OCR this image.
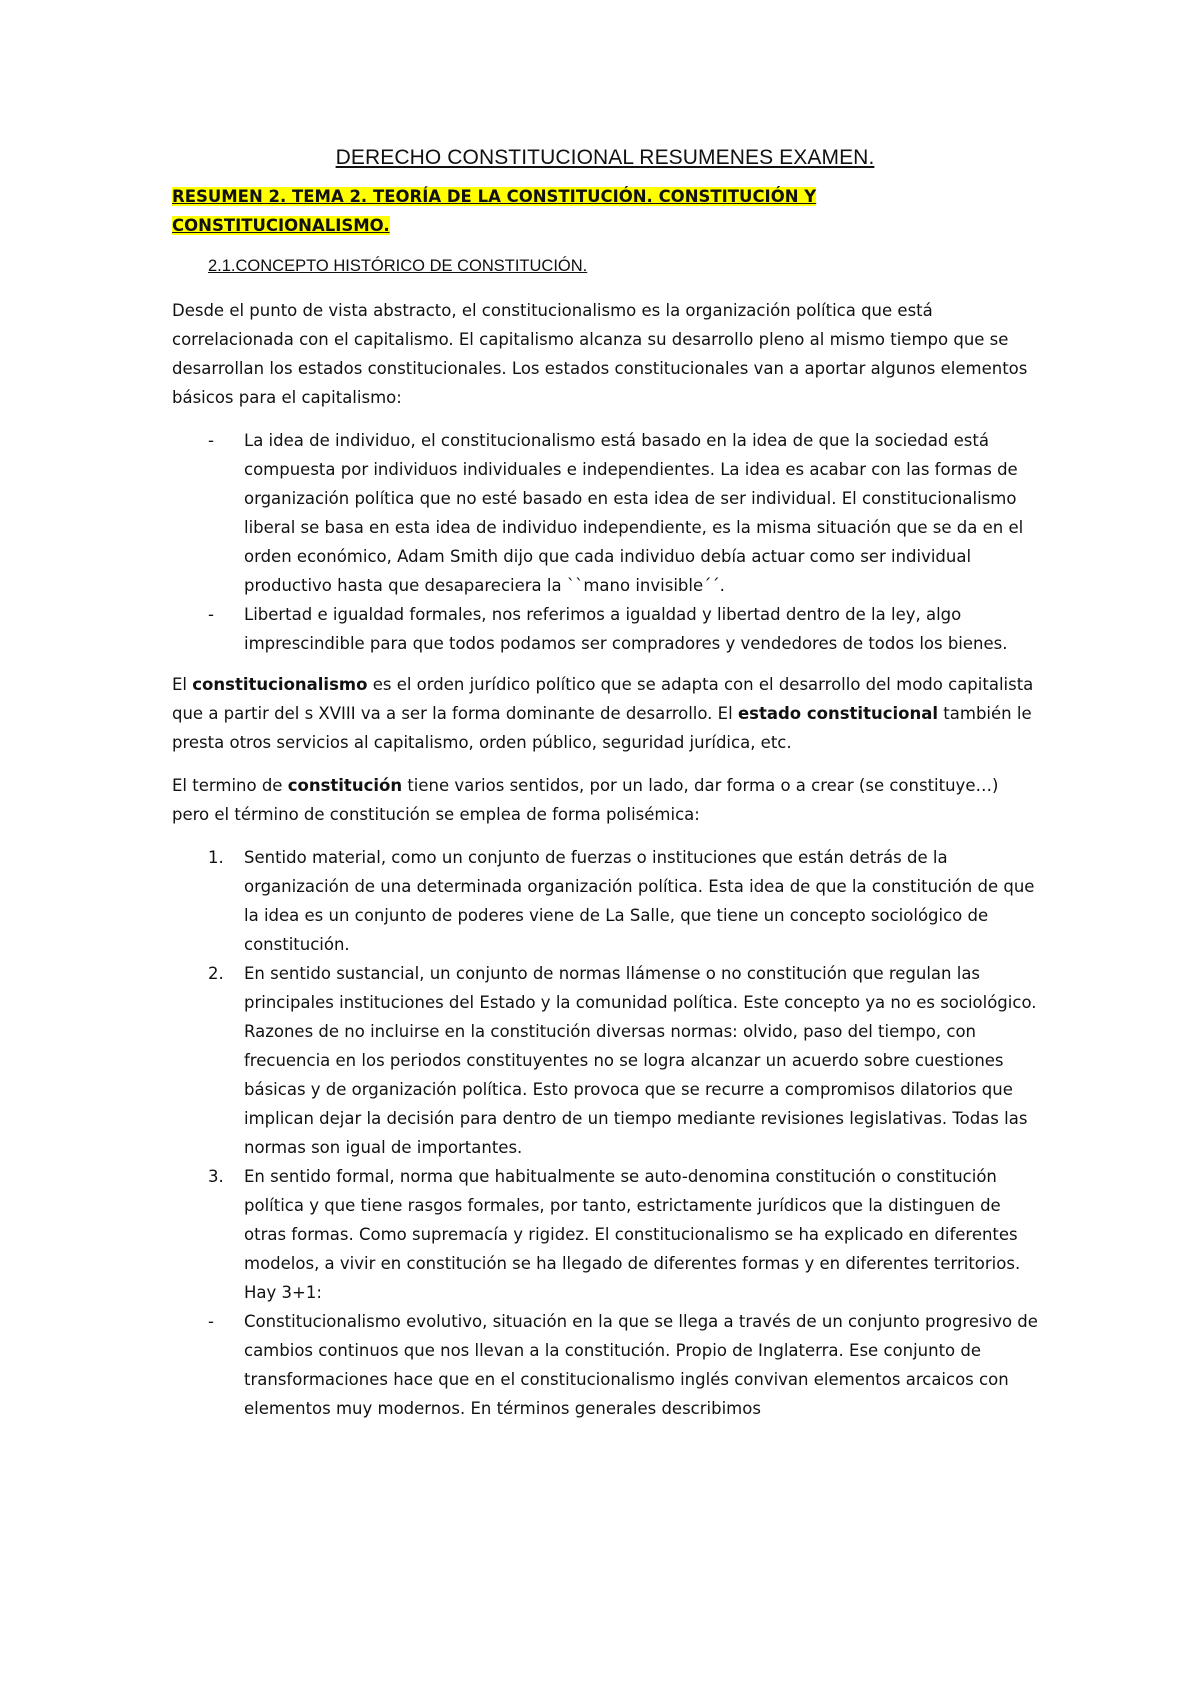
DERECHO CONSTITUCIONAL RESUMENES EXAMEN.
RESUMEN 2. TEMA 2. TEORÍA DE LA CONSTITUCIÓN. CONSTITUCIÓN Y CONSTITUCIONALISMO.
2.1.CONCEPTO HISTÓRICO DE CONSTITUCIÓN.

Desde el punto de vista abstracto, el constitucionalismo es la organización política que está correlacionada con el capitalismo. El capitalismo alcanza su desarrollo pleno al mismo tiempo que se desarrollan los estados constitucionales. Los estados constitucionales van a aportar algunos elementos básicos para el capitalismo:

- La idea de individuo, el constitucionalismo está basado en la idea de que la sociedad está compuesta por individuos individuales e independientes. La idea es acabar con las formas de organización política que no esté basado en esta idea de ser individual. El constitucionalismo liberal se basa en esta idea de individuo independiente, es la misma situación que se da en el orden económico, Adam Smith dijo que cada individuo debía actuar como ser individual productivo hasta que desapareciera la ``mano invisible´´.
- Libertad e igualdad formales, nos referimos a igualdad y libertad dentro de la ley, algo imprescindible para que todos podamos ser compradores y vendedores de todos los bienes.

El constitucionalismo es el orden jurídico político que se adapta con el desarrollo del modo capitalista que a partir del s XVIII va a ser la forma dominante de desarrollo. El estado constitucional también le presta otros servicios al capitalismo, orden público, seguridad jurídica, etc.

El termino de constitución tiene varios sentidos, por un lado, dar forma o a crear (se constituye…) pero el término de constitución se emplea de forma polisémica:

1. Sentido material, como un conjunto de fuerzas o instituciones que están detrás de la organización de una determinada organización política. Esta idea de que la constitución de que la idea es un conjunto de poderes viene de La Salle, que tiene un concepto sociológico de constitución.
2. En sentido sustancial, un conjunto de normas llámense o no constitución que regulan las principales instituciones del Estado y la comunidad política. Este concepto ya no es sociológico. Razones de no incluirse en la constitución diversas normas: olvido, paso del tiempo, con frecuencia en los periodos constituyentes no se logra alcanzar un acuerdo sobre cuestiones básicas y de organización política. Esto provoca que se recurre a compromisos dilatorios que implican dejar la decisión para dentro de un tiempo mediante revisiones legislativas. Todas las normas son igual de importantes.
3. En sentido formal, norma que habitualmente se auto-denomina constitución o constitución política y que tiene rasgos formales, por tanto, estrictamente jurídicos que la distinguen de otras formas. Como supremacía y rigidez. El constitucionalismo se ha explicado en diferentes modelos, a vivir en constitución se ha llegado de diferentes formas y en diferentes territorios. Hay 3+1:
- Constitucionalismo evolutivo, situación en la que se llega a través de un conjunto progresivo de cambios continuos que nos llevan a la constitución. Propio de Inglaterra. Ese conjunto de transformaciones hace que en el constitucionalismo inglés convivan elementos arcaicos con elementos muy modernos. En términos generales describimos
